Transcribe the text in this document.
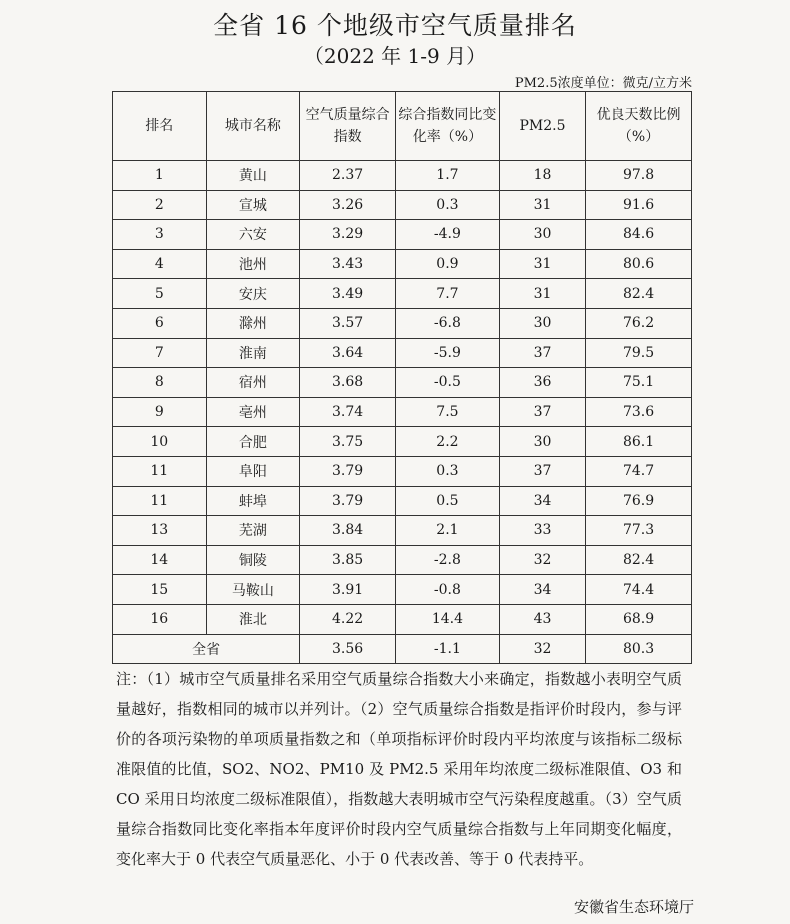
全省 16 个地级市空气质量排名
（2022 年 1-9 月）
PM2.5浓度单位：微克/立方米
排名	城市名称	空气质量综合指数	综合指数同比变化率（%）	PM2.5	优良天数比例（%）
1	黄山	2.37	1.7	18	97.8
2	宣城	3.26	0.3	31	91.6
3	六安	3.29	-4.9	30	84.6
4	池州	3.43	0.9	31	80.6
5	安庆	3.49	7.7	31	82.4
6	滁州	3.57	-6.8	30	76.2
7	淮南	3.64	-5.9	37	79.5
8	宿州	3.68	-0.5	36	75.1
9	亳州	3.74	7.5	37	73.6
10	合肥	3.75	2.2	30	86.1
11	阜阳	3.79	0.3	37	74.7
11	蚌埠	3.79	0.5	34	76.9
13	芜湖	3.84	2.1	33	77.3
14	铜陵	3.85	-2.8	32	82.4
15	马鞍山	3.91	-0.8	34	74.4
16	淮北	4.22	14.4	43	68.9
全省		3.56	-1.1	32	80.3
注：（1）城市空气质量排名采用空气质量综合指数大小来确定，指数越小表明空气质量越好，指数相同的城市以并列计。（2）空气质量综合指数是指评价时段内，参与评价的各项污染物的单项质量指数之和（单项指标评价时段内平均浓度与该指标二级标准限值的比值，SO2、NO2、PM10 及 PM2.5 采用年均浓度二级标准限值、O3 和 CO 采用日均浓度二级标准限值），指数越大表明城市空气污染程度越重。（3）空气质量综合指数同比变化率指本年度评价时段内空气质量综合指数与上年同期变化幅度，变化率大于 0 代表空气质量恶化、小于 0 代表改善、等于 0 代表持平。
安徽省生态环境厅
